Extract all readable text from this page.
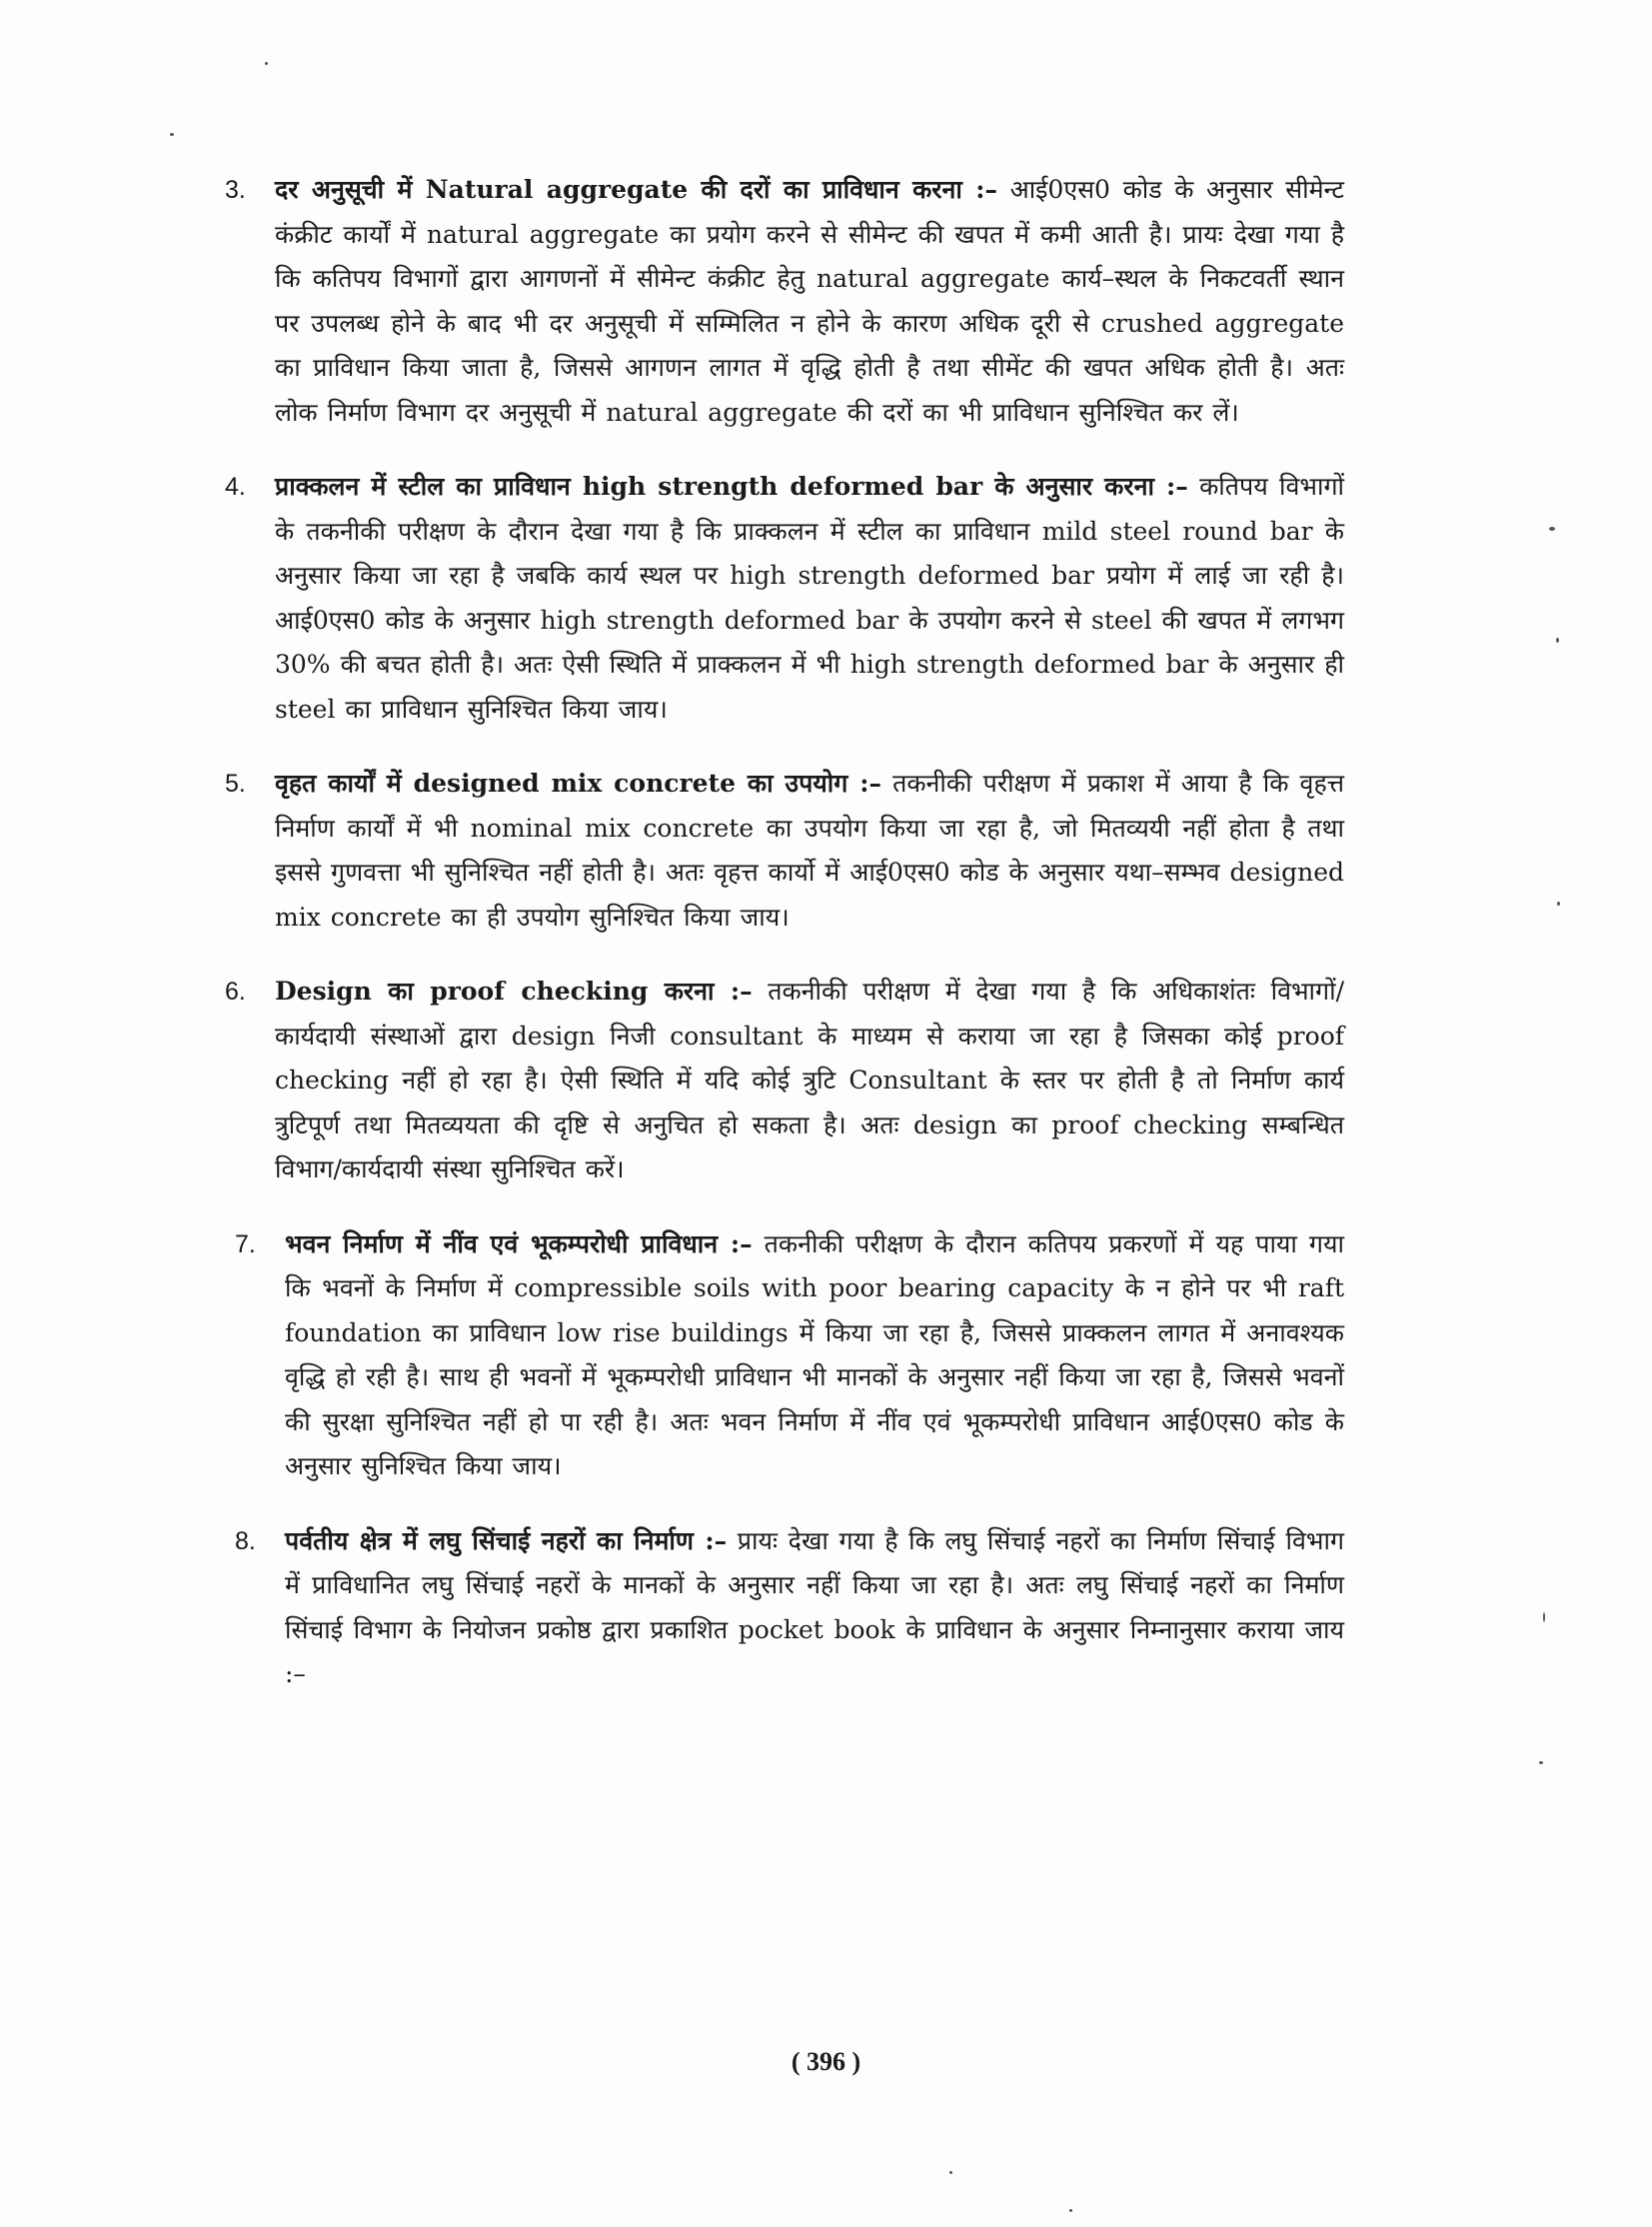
3. दर अनुसूची में Natural aggregate की दरों का प्राविधान करना :– आई0एस0 कोड के अनुसार सीमेन्ट कंक्रीट कार्यों में natural aggregate का प्रयोग करने से सीमेन्ट की खपत में कमी आती है। प्रायः देखा गया है कि कतिपय विभागों द्वारा आगणनों में सीमेन्ट कंक्रीट हेतु natural aggregate कार्य–स्थल के निकटवर्ती स्थान पर उपलब्ध होने के बाद भी दर अनुसूची में सम्मिलित न होने के कारण अधिक दूरी से crushed aggregate का प्राविधान किया जाता है, जिससे आगणन लागत में वृद्धि होती है तथा सीमेंट की खपत अधिक होती है। अतः लोक निर्माण विभाग दर अनुसूची में natural aggregate की दरों का भी प्राविधान सुनिश्चित कर लें।
4. प्राक्कलन में स्टील का प्राविधान high strength deformed bar के अनुसार करना :– कतिपय विभागों के तकनीकी परीक्षण के दौरान देखा गया है कि प्राक्कलन में स्टील का प्राविधान mild steel round bar के अनुसार किया जा रहा है जबकि कार्य स्थल पर high strength deformed bar प्रयोग में लाई जा रही है। आई0एस0 कोड के अनुसार high strength deformed bar के उपयोग करने से steel की खपत में लगभग 30% की बचत होती है। अतः ऐसी स्थिति में प्राक्कलन में भी high strength deformed bar के अनुसार ही steel का प्राविधान सुनिश्चित किया जाय।
5. वृहत कार्यों में designed mix concrete का उपयोग :– तकनीकी परीक्षण में प्रकाश में आया है कि वृहत्त निर्माण कार्यों में भी nominal mix concrete का उपयोग किया जा रहा है, जो मितव्ययी नहीं होता है तथा इससे गुणवत्ता भी सुनिश्चित नहीं होती है। अतः वृहत्त कार्यो में आई0एस0 कोड के अनुसार यथा–सम्भव designed mix concrete का ही उपयोग सुनिश्चित किया जाय।
6. Design का proof checking करना :– तकनीकी परीक्षण में देखा गया है कि अधिकाशंतः विभागों/कार्यदायी संस्थाओं द्वारा design निजी consultant के माध्यम से कराया जा रहा है जिसका कोई proof checking नहीं हो रहा है। ऐसी स्थिति में यदि कोई त्रुटि Consultant के स्तर पर होती है तो निर्माण कार्य त्रुटिपूर्ण तथा मितव्ययता की दृष्टि से अनुचित हो सकता है। अतः design का proof checking सम्बन्धित विभाग/कार्यदायी संस्था सुनिश्चित करें।
7. भवन निर्माण में नींव एवं भूकम्परोधी प्राविधान :– तकनीकी परीक्षण के दौरान कतिपय प्रकरणों में यह पाया गया कि भवनों के निर्माण में compressible soils with poor bearing capacity के न होने पर भी raft foundation का प्राविधान low rise buildings में किया जा रहा है, जिससे प्राक्कलन लागत में अनावश्यक वृद्धि हो रही है। साथ ही भवनों में भूकम्परोधी प्राविधान भी मानकों के अनुसार नहीं किया जा रहा है, जिससे भवनों की सुरक्षा सुनिश्चित नहीं हो पा रही है। अतः भवन निर्माण में नींव एवं भूकम्परोधी प्राविधान आई0एस0 कोड के अनुसार सुनिश्चित किया जाय।
8. पर्वतीय क्षेत्र में लघु सिंचाई नहरों का निर्माण :– प्रायः देखा गया है कि लघु सिंचाई नहरों का निर्माण सिंचाई विभाग में प्राविधानित लघु सिंचाई नहरों के मानकों के अनुसार नहीं किया जा रहा है। अतः लघु सिंचाई नहरों का निर्माण सिंचाई विभाग के नियोजन प्रकोष्ठ द्वारा प्रकाशित pocket book के प्राविधान के अनुसार निम्नानुसार कराया जाय :–
( 396 )
